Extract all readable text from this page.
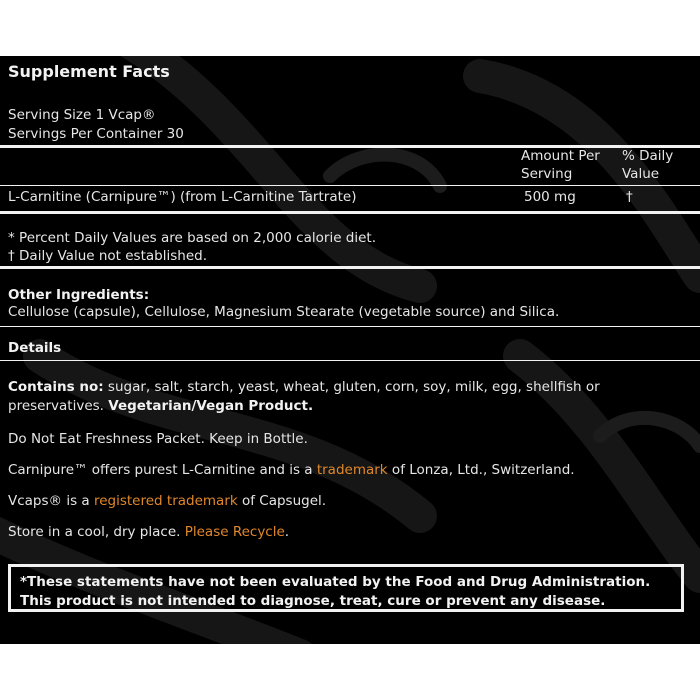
Supplement Facts
Serving Size 1 Vcap®
Servings Per Container 30
Amount Per
Serving
% Daily
Value
L-Carnitine (Carnipure™) (from L-Carnitine Tartrate)	500 mg	†
* Percent Daily Values are based on 2,000 calorie diet.
† Daily Value not established.
Other Ingredients:
Cellulose (capsule), Cellulose, Magnesium Stearate (vegetable source) and Silica.
Details
Contains no: sugar, salt, starch, yeast, wheat, gluten, corn, soy, milk, egg, shellfish or
preservatives. Vegetarian/Vegan Product.
Do Not Eat Freshness Packet. Keep in Bottle.
Carnipure™ offers purest L-Carnitine and is a trademark of Lonza, Ltd., Switzerland.
Vcaps® is a registered trademark of Capsugel.
Store in a cool, dry place. Please Recycle.
*These statements have not been evaluated by the Food and Drug Administration.
This product is not intended to diagnose, treat, cure or prevent any disease.
